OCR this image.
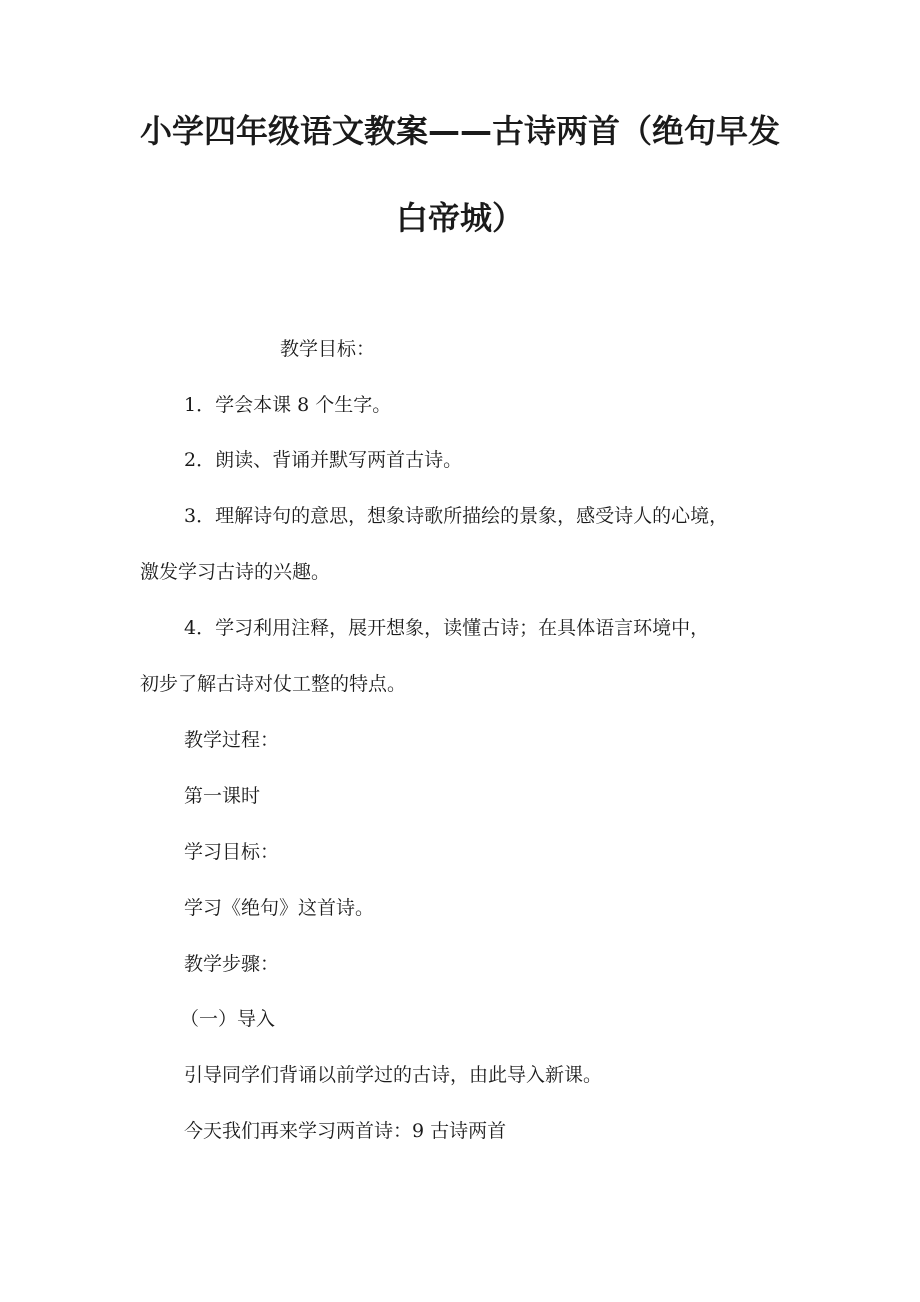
小学四年级语文教案——古诗两首（绝句早发
白帝城）
教学目标：
1．学会本课 8 个生字。
2．朗读、背诵并默写两首古诗。
3．理解诗句的意思，想象诗歌所描绘的景象，感受诗人的心境，
激发学习古诗的兴趣。
4．学习利用注释，展开想象，读懂古诗；在具体语言环境中，
初步了解古诗对仗工整的特点。
教学过程：
第一课时
学习目标：
学习《绝句》这首诗。
教学步骤：
（一）导入
引导同学们背诵以前学过的古诗，由此导入新课。
今天我们再来学习两首诗：9 古诗两首
